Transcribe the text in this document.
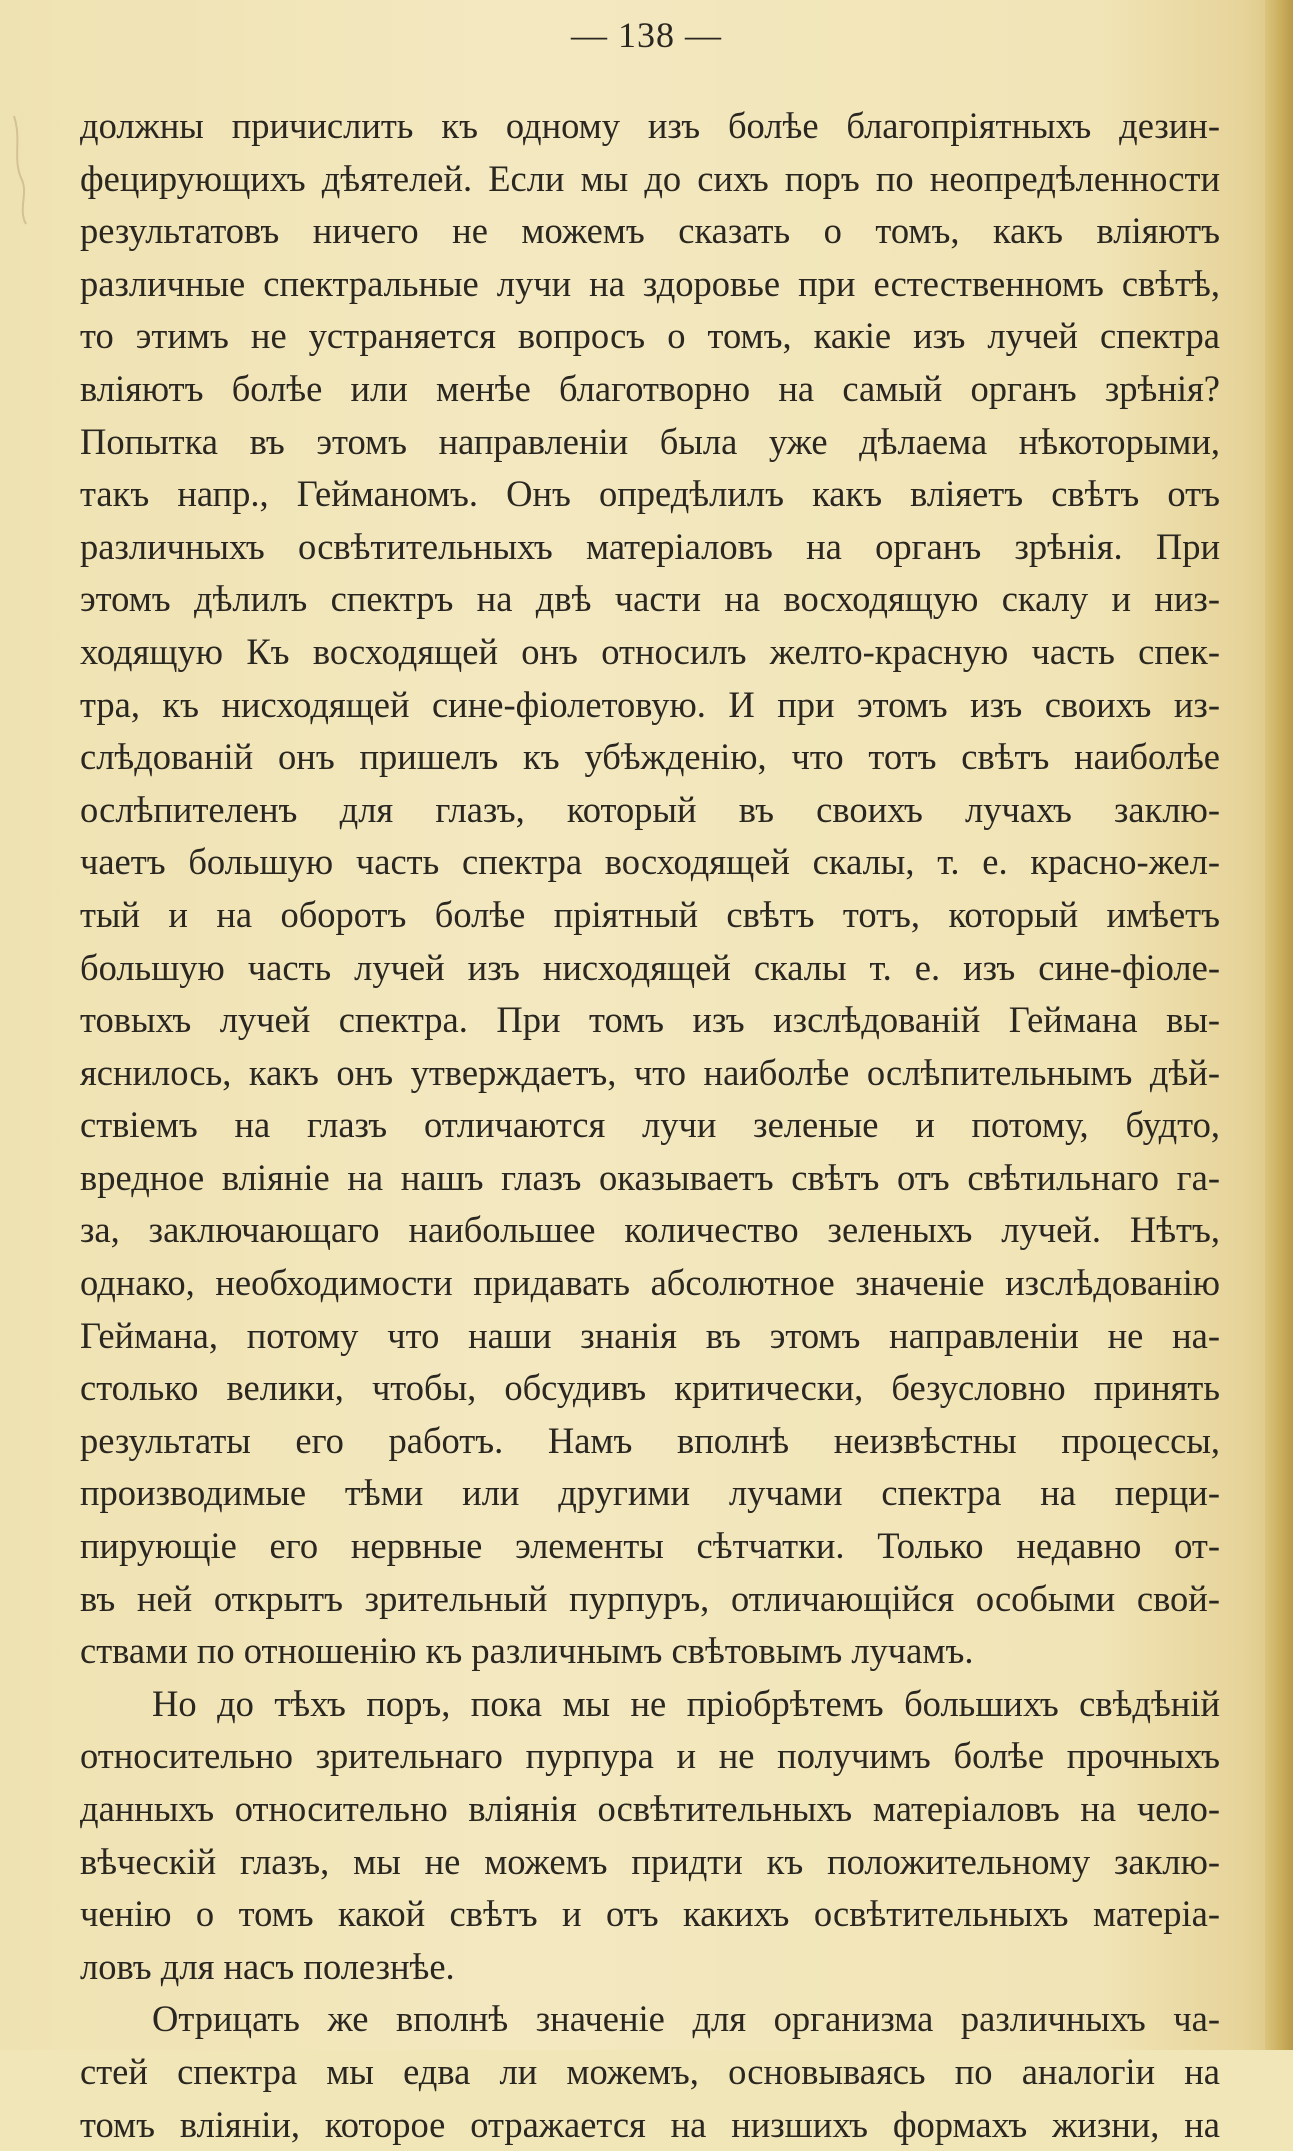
— 138 —
должны причислить къ одному изъ болѣе благопріятныхъ дезин-
фецирующихъ дѣятелей. Если мы до сихъ поръ по неопредѣленности
результатовъ ничего не можемъ сказать о томъ, какъ вліяютъ
различные спектральные лучи на здоровье при естественномъ свѣтѣ,
то этимъ не устраняется вопросъ о томъ, какіе изъ лучей спектра
вліяютъ болѣе или менѣе благотворно на самый органъ зрѣнія?
Попытка въ этомъ направленіи была уже дѣлаема нѣкоторыми,
такъ напр., Гейманомъ. Онъ опредѣлилъ какъ вліяетъ свѣтъ отъ
различныхъ освѣтительныхъ матеріаловъ на органъ зрѣнія. При
этомъ дѣлилъ спектръ на двѣ части на восходящую скалу и низ-
ходящую Къ восходящей онъ относилъ желто-красную часть спек-
тра, къ нисходящей сине-фіолетовую. И при этомъ изъ своихъ из-
слѣдованій онъ пришелъ къ убѣжденію, что тотъ свѣтъ наиболѣе
ослѣпителенъ для глазъ, который въ своихъ лучахъ заклю-
чаетъ большую часть спектра восходящей скалы, т. е. красно-жел-
тый и на оборотъ болѣе пріятный свѣтъ тотъ, который имѣетъ
большую часть лучей изъ нисходящей скалы т. е. изъ сине-фіоле-
товыхъ лучей спектра. При томъ изъ изслѣдованій Геймана вы-
яснилось, какъ онъ утверждаетъ, что наиболѣе ослѣпительнымъ дѣй-
ствіемъ на глазъ отличаются лучи зеленые и потому, будто,
вредное вліяніе на нашъ глазъ оказываетъ свѣтъ отъ свѣтильнаго га-
за, заключающаго наибольшее количество зеленыхъ лучей. Нѣтъ,
однако, необходимости придавать абсолютное значеніе изслѣдованію
Геймана, потому что наши знанія въ этомъ направленіи не на-
столько велики, чтобы, обсудивъ критически, безусловно принять
результаты его работъ. Намъ вполнѣ неизвѣстны процессы,
производимые тѣми или другими лучами спектра на перци-
пирующіе его нервные элементы сѣтчатки. Только недавно от-
въ ней открытъ зрительный пурпуръ, отличающійся особыми свой-
ствами по отношенію къ различнымъ свѣтовымъ лучамъ.
Но до тѣхъ поръ, пока мы не пріобрѣтемъ большихъ свѣдѣній
относительно зрительнаго пурпура и не получимъ болѣе прочныхъ
данныхъ относительно вліянія освѣтительныхъ матеріаловъ на чело-
вѣческій глазъ, мы не можемъ придти къ положительному заклю-
ченію о томъ какой свѣтъ и отъ какихъ освѣтительныхъ матеріа-
ловъ для насъ полезнѣе.
Отрицать же вполнѣ значеніе для организма различныхъ ча-
стей спектра мы едва ли можемъ, основываясь по аналогіи на
томъ вліяніи, которое отражается на низшихъ формахъ жизни, на
